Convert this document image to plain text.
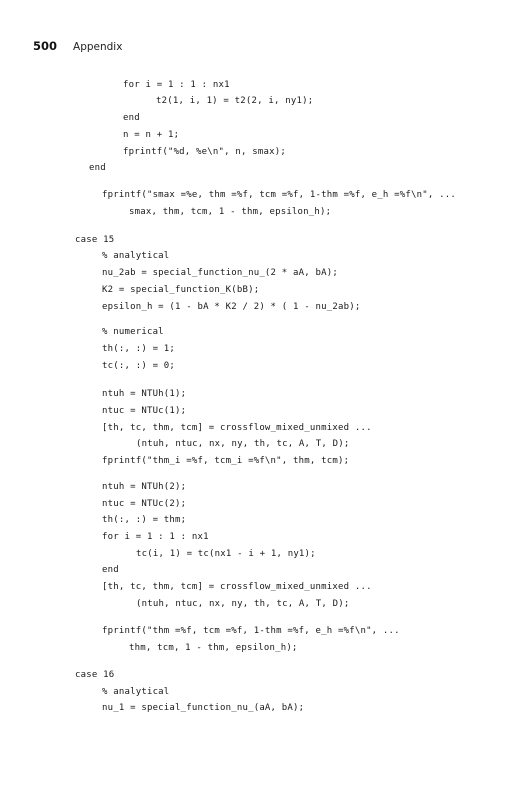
500 Appendix
for i = 1 : 1 : nx1
t2(1, i, 1) = t2(2, i, ny1);
end
n = n + 1;
fprintf("%d, %e\n", n, smax);
end
fprintf("smax =%e, thm =%f, tcm =%f, 1-thm =%f, e_h =%f\n", ...
smax, thm, tcm, 1 - thm, epsilon_h);
case 15
% analytical
nu_2ab = special_function_nu_(2 * aA, bA);
K2 = special_function_K(bB);
epsilon_h = (1 - bA * K2 / 2) * ( 1 - nu_2ab);
% numerical
th(:, :) = 1;
tc(:, :) = 0;
ntuh = NTUh(1);
ntuc = NTUc(1);
[th, tc, thm, tcm] = crossflow_mixed_unmixed ...
(ntuh, ntuc, nx, ny, th, tc, A, T, D);
fprintf("thm_i =%f, tcm_i =%f\n", thm, tcm);
ntuh = NTUh(2);
ntuc = NTUc(2);
th(:, :) = thm;
for i = 1 : 1 : nx1
tc(i, 1) = tc(nx1 - i + 1, ny1);
end
[th, tc, thm, tcm] = crossflow_mixed_unmixed ...
(ntuh, ntuc, nx, ny, th, tc, A, T, D);
fprintf("thm =%f, tcm =%f, 1-thm =%f, e_h =%f\n", ...
thm, tcm, 1 - thm, epsilon_h);
case 16
% analytical
nu_1 = special_function_nu_(aA, bA);
